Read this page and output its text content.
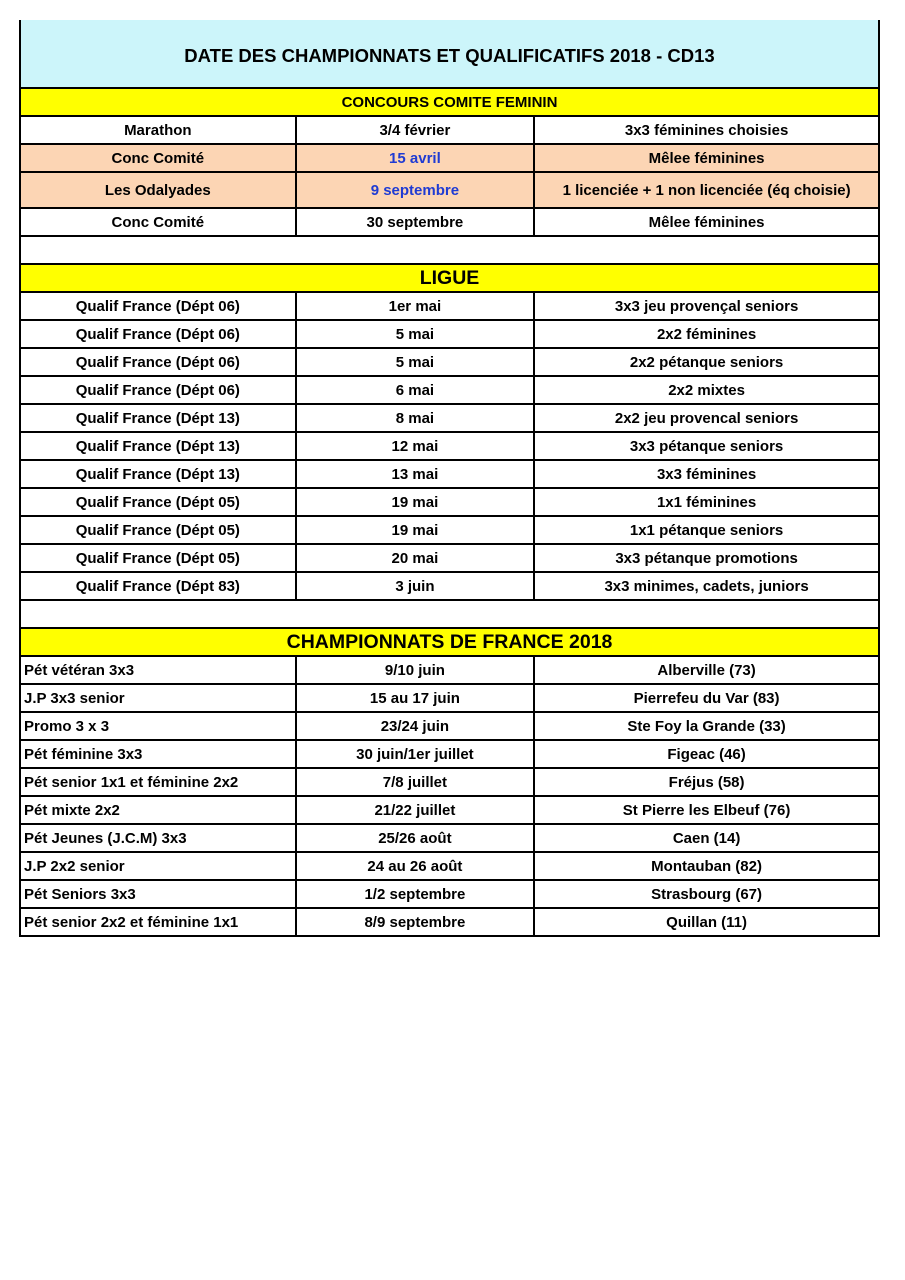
DATE DES CHAMPIONNATS ET QUALIFICATIFS 2018 - CD13		
CONCOURS COMITE FEMININ		
Marathon	3/4 février	3x3 féminines choisies
Conc Comité	15 avril	Mêlee féminines
Les Odalyades	9 septembre	1 licenciée + 1 non licenciée (éq choisie)
Conc Comité	30 septembre	Mêlee féminines

LIGUE		
Qualif France (Dépt 06)	1er mai	3x3 jeu provençal seniors
Qualif France (Dépt 06)	5 mai	2x2 féminines
Qualif France (Dépt 06)	5 mai	2x2 pétanque seniors
Qualif France (Dépt 06)	6 mai	2x2 mixtes
Qualif France (Dépt 13)	8 mai	2x2 jeu provencal seniors
Qualif France (Dépt 13)	12 mai	3x3 pétanque seniors
Qualif France (Dépt 13)	13 mai	3x3 féminines
Qualif France (Dépt 05)	19 mai	1x1 féminines
Qualif France (Dépt 05)	19 mai	1x1 pétanque seniors
Qualif France (Dépt 05)	20 mai	3x3 pétanque promotions
Qualif France (Dépt 83)	3 juin	3x3 minimes, cadets, juniors

CHAMPIONNATS DE FRANCE 2018		
Pét vétéran 3x3	9/10 juin	Alberville (73)
J.P 3x3 senior	15 au 17 juin	Pierrefeu du Var (83)
Promo 3 x 3	23/24 juin	Ste Foy la Grande (33)
Pét féminine 3x3	30 juin/1er juillet	Figeac (46)
Pét senior 1x1 et féminine 2x2	7/8 juillet	Fréjus (58)
Pét mixte 2x2	21/22 juillet	St Pierre les Elbeuf (76)
Pét Jeunes (J.C.M) 3x3	25/26 août	Caen (14)
J.P 2x2 senior	24 au 26 août	Montauban (82)
Pét Seniors 3x3	1/2 septembre	Strasbourg (67)
Pét senior 2x2 et féminine 1x1	8/9 septembre	Quillan (11)
